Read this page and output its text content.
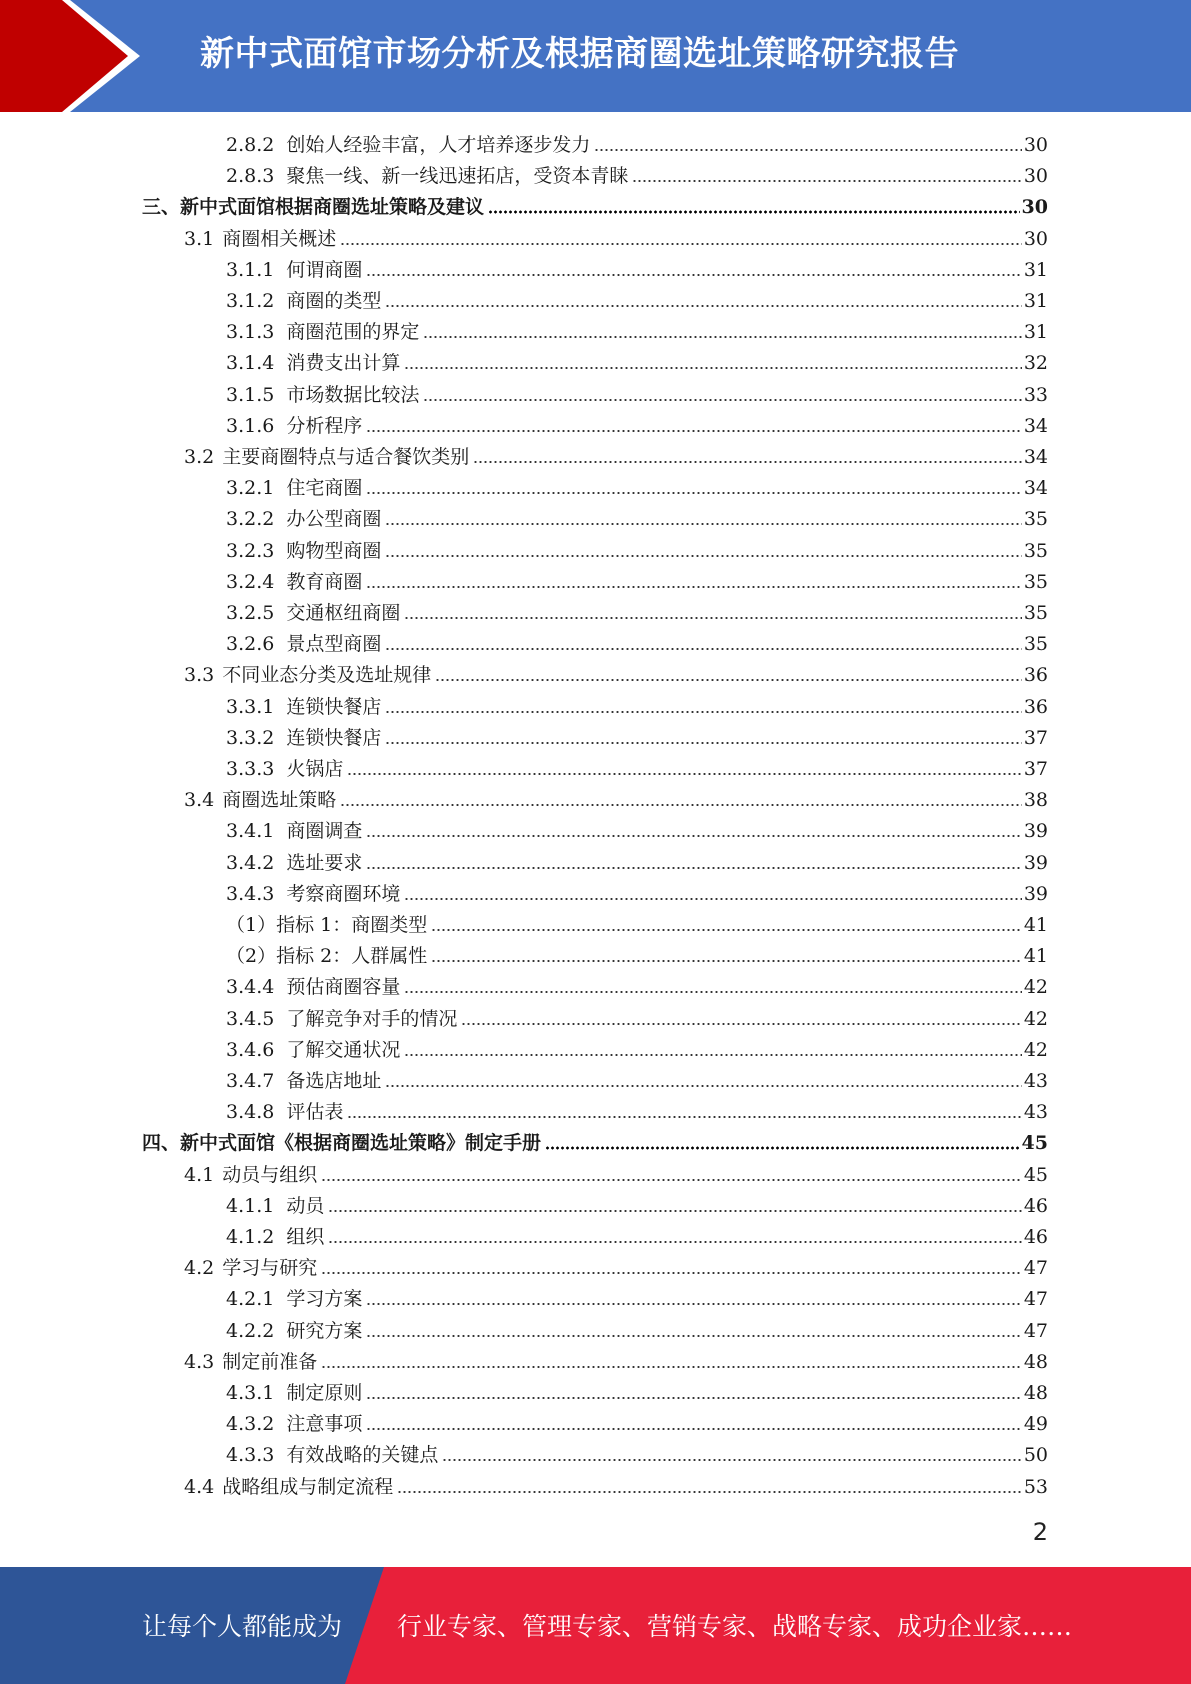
新中式面馆市场分析及根据商圈选址策略研究报告
2.8.2 创始人经验丰富，人才培养逐步发力	30
2.8.3 聚焦一线、新一线迅速拓店，受资本青睐	30
三、新中式面馆根据商圈选址策略及建议	30
3.1 商圈相关概述	30
3.1.1 何谓商圈	31
3.1.2 商圈的类型	31
3.1.3 商圈范围的界定	31
3.1.4 消费支出计算	32
3.1.5 市场数据比较法	33
3.1.6 分析程序	34
3.2 主要商圈特点与适合餐饮类别	34
3.2.1 住宅商圈	34
3.2.2 办公型商圈	35
3.2.3 购物型商圈	35
3.2.4 教育商圈	35
3.2.5 交通枢纽商圈	35
3.2.6 景点型商圈	35
3.3 不同业态分类及选址规律	36
3.3.1 连锁快餐店	36
3.3.2 连锁快餐店	37
3.3.3 火锅店	37
3.4 商圈选址策略	38
3.4.1 商圈调查	39
3.4.2 选址要求	39
3.4.3 考察商圈环境	39
（1）指标 1：商圈类型	41
（2）指标 2：人群属性	41
3.4.4 预估商圈容量	42
3.4.5 了解竞争对手的情况	42
3.4.6 了解交通状况	42
3.4.7 备选店地址	43
3.4.8 评估表	43
四、新中式面馆《根据商圈选址策略》制定手册	45
4.1 动员与组织	45
4.1.1 动员	46
4.1.2 组织	46
4.2 学习与研究	47
4.2.1 学习方案	47
4.2.2 研究方案	47
4.3 制定前准备	48
4.3.1 制定原则	48
4.3.2 注意事项	49
4.3.3 有效战略的关键点	50
4.4 战略组成与制定流程	53
2
让每个人都能成为 行业专家、管理专家、营销专家、战略专家、成功企业家……
